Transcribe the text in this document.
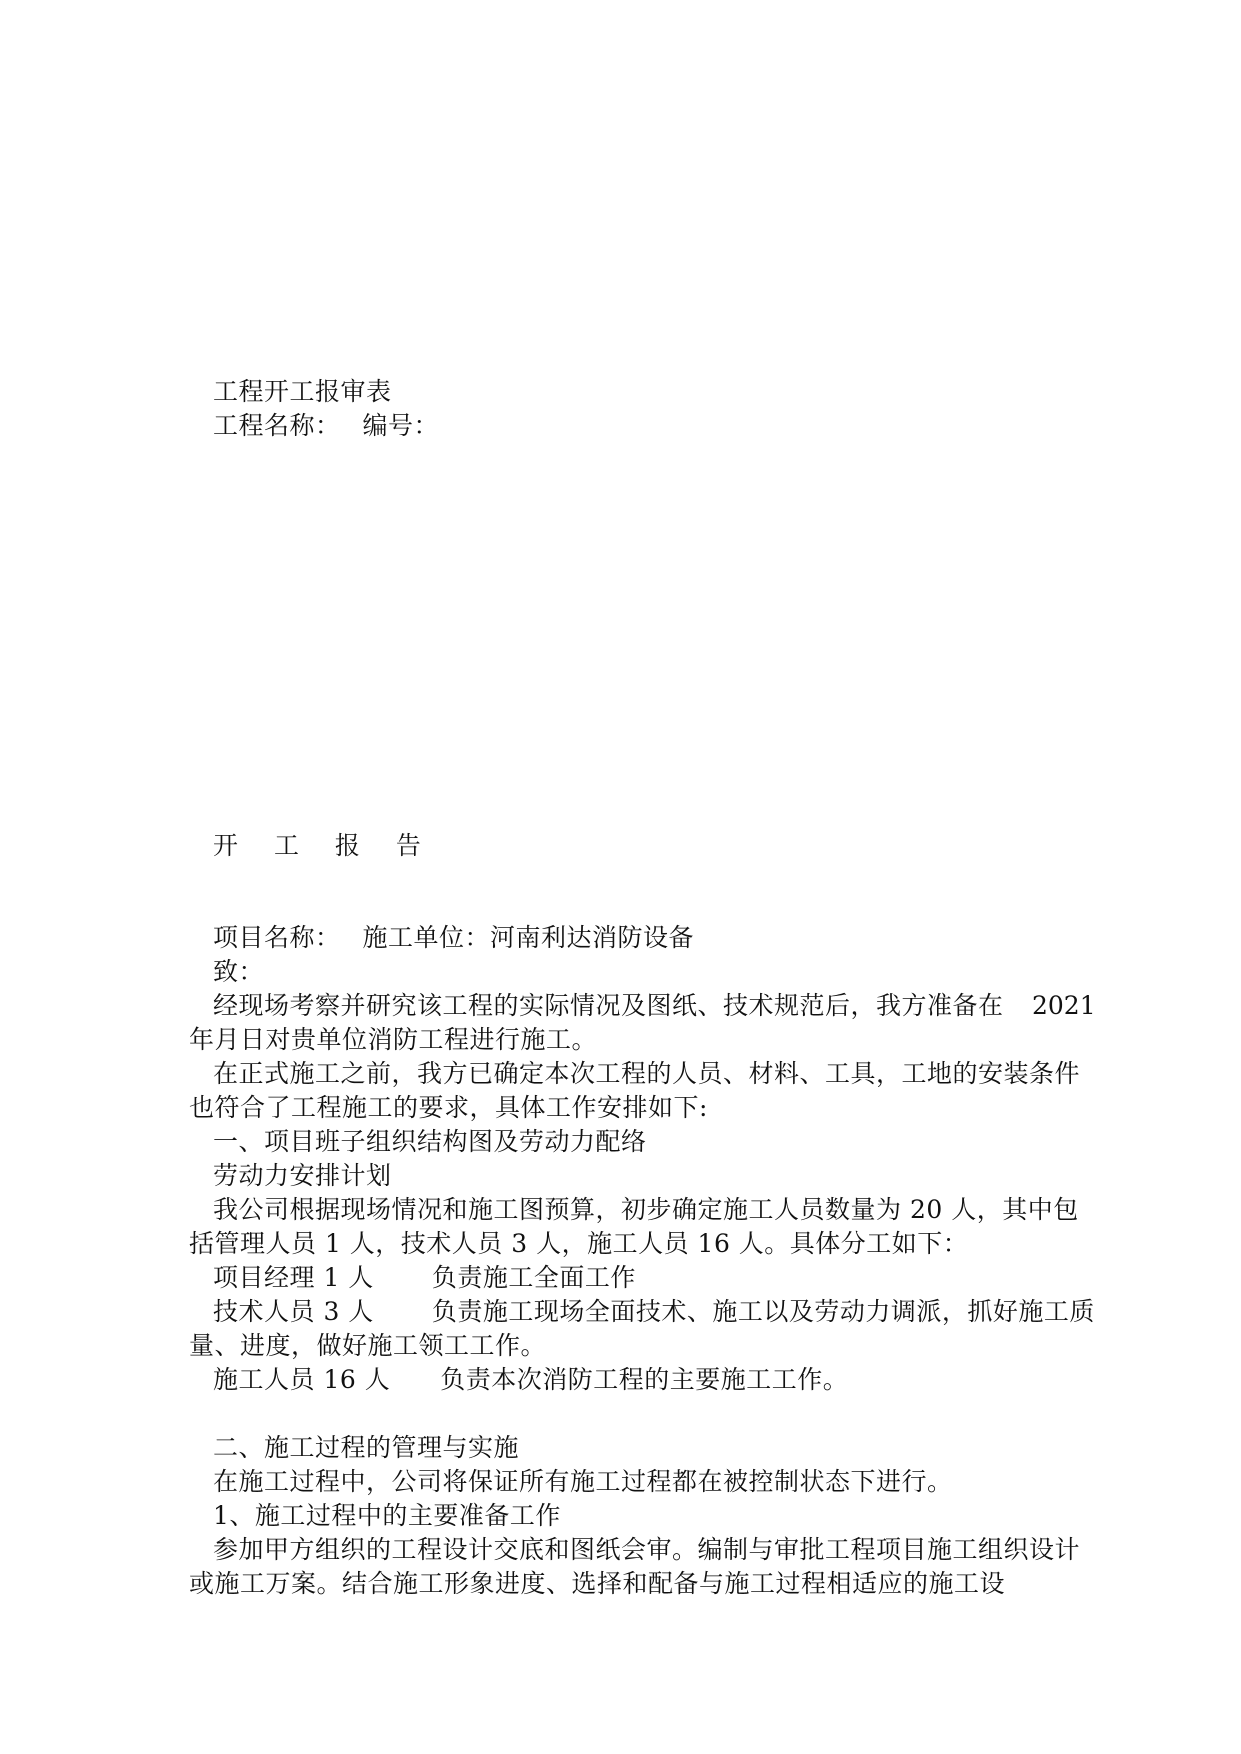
工程开工报审表
工程名称： 编号：
开 工 报 告
项目名称： 施工单位：河南利达消防设备
致：
经现场考察并研究该工程的实际情况及图纸、技术规范后，我方准备在 2021
年月日对贵单位消防工程进行施工。
在正式施工之前，我方已确定本次工程的人员、材料、工具，工地的安装条件
也符合了工程施工的要求，具体工作安排如下:
一、项目班子组织结构图及劳动力配络
劳动力安排计划
我公司根据现场情况和施工图预算，初步确定施工人员数量为 20 人，其中包
括管理人员 1 人，技术人员 3 人，施工人员 16 人。具体分工如下：
项目经理 1 人 负责施工全面工作
技术人员 3 人 负责施工现场全面技术、施工以及劳动力调派，抓好施工质
量、进度，做好施工领工工作。
施工人员 16 人 负责本次消防工程的主要施工工作。
二、施工过程的管理与实施
在施工过程中，公司将保证所有施工过程都在被控制状态下进行。
1、施工过程中的主要准备工作
参加甲方组织的工程设计交底和图纸会审。编制与审批工程项目施工组织设计
或施工万案。结合施工形象进度、选择和配备与施工过程相适应的施工设
